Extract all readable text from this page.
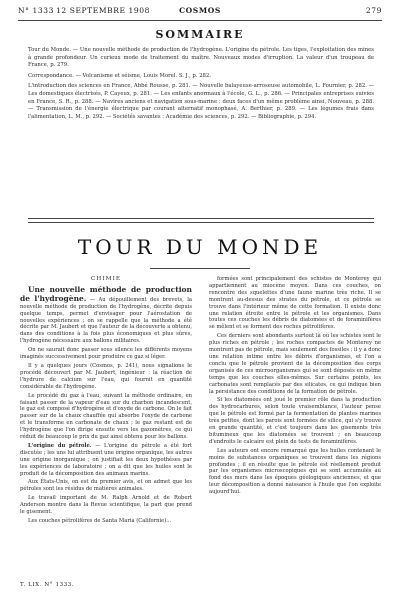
N° 1333 12 SEPTEMBRE 1908	COSMOS	279
SOMMAIRE

Tour du Monde. — Une nouvelle méthode de production de l'hydrogène. L'origine du pétrole. Les tiges, l'exploitation des mines à grande profondeur. Un curieux mode de traitement du maître. Nouveaux modes d'irruption. La valeur d'un troupeau de France, p. 279.

Correspondance. — Volcanisme et séisme, Louis Morel. S. J., p. 282.

L'introduction des sciences en France, Abbé Rousse, p. 281. — Nouvelle balayeuse-arroseuse automobile, L. Fournier, p. 282. — Les domestiques électrisés, P. Cayeux, p. 281. — Les enfants anormaux à l'école, G. L., p. 286. — Principales entreprises suivies en France, S. R., p. 288. — Navires anciens et navigation sous-marine : deux faces d'un même problème ainsi, Nouveau, p. 288. — Transmission de l'énergie électrique par courant alternatif monophasé, A. Berthier, p. 289. — Les légumes frais dans l'alimentation, L. M., p. 292. — Sociétés savantes : Académie des sciences, p. 292. — Bibliographie, p. 294.

TOUR DU MONDE

CHIMIE

Une nouvelle méthode de production de l'hydrogène. — Au dépouillement des brevets, la nouvelle méthode de production de l'hydrogène, décrite depuis quelque temps, permet d'envisager pour l'aérostation de nouvelles expériences ; on se rappelle que la méthode a été décrite par M. Jaubert et que l'auteur de la découverte a obtenu, dans des conditions à la fois plus économiques et plus sûres, l'hydrogène nécessaire aux ballons militaires.

On ne saurait donc passer sous silence les différents moyens imaginés successivement pour produire ce gaz si léger.

Il y a quelques jours (Cosmos, p. 241), nous signalions le procédé découvert par M. Jaubert, ingénieur : la réaction de l'hydrure de calcium sur l'eau, qui fournit en quantité considérable de l'hydrogène.

Le procédé du gaz à l'eau, suivant la méthode ordinaire, en faisant passer de la vapeur d'eau sur du charbon incandescent, le gaz est composé d'hydrogène et d'oxyde de carbone. On le fait passer sur de la chaux chauffée qui absorbe l'oxyde de carbone et le transforme en carbonate de chaux ; le gaz restant est de l'hydrogène que l'on dirige ensuite vers les gazomètres, ce qui réduit de beaucoup le prix du gaz ainsi obtenu pour les ballons.

L'origine du pétrole. — L'origine du pétrole a été fort discutée ; les uns lui attribuent une origine organique, les autres une origine inorganique ; on justifiait les deux hypothèses par les expériences de laboratoire ; on a dit que les huiles sont le produit de la décomposition des animaux marins.

Aux États-Unis, on est du premier avis, et on admet que les pétroles sont les résidus de matières animales.

Le travail important de M. Ralph Arnold et de Robert Anderson montre dans la Revue scientifique, la part que prend le gisement.

Les couches pétrolifères de Santa Maria (Californie)...

formées sont principalement des schistes de Monterey qui appartiennent au miocène moyen. Dans ces couches, on rencontre des squelettes d'une faune marine très riche. Il se montrent au-dessus des strates du pétrole, et ce pétrole se trouve dans l'intérieur même de cette formation. Il existe donc une relation étroite entre le pétrole et les organismes. Dans toutes ces couches les débris de diatomées et de foraminifères se mêlent et se forment des roches pétrolifères.

Ces derniers sont abondants surtout là où les schistes sont le plus riches en pétrole ; les roches compactes de Monterey ne montrent pas de pétrole, mais seulement des fossiles ; il y a donc une relation intime entre les débris d'organismes, et l'on a conclu que le pétrole provient de la décomposition des corps organisés de ces microorganismes qui se sont déposés en même temps que les couches elles-mêmes. Sur certains points, les carbonates sont remplacés par des silicates, ce qui indique bien la persistance des conditions de la formation de pétrole.

Si les diatomées ont joué le premier rôle dans la production des hydrocarbures, selon toute vraisemblance, l'auteur pense que le pétrole est formé par la fermentation de plantes marines très petites, dont les parois sont formées de silice, qui s'y trouve en grande quantité, et c'est toujours dans les gisements très bitumineux que les diatomées se trouvent ; en beaucoup d'endroits le calcaire est plein de tests de foraminifères.

Les auteurs ont encore remarqué que les huiles contenant le moins de substances organiques se trouvent dans les régions profondes ; il en résulte que le pétrole est réellement produit par les organismes microscopiques qui se sont accumulés au fond des mers dans les époques géologiques anciennes, et que leur décomposition a donné naissance à l'huile que l'on exploite aujourd'hui.

T. LIX. N° 1333.
